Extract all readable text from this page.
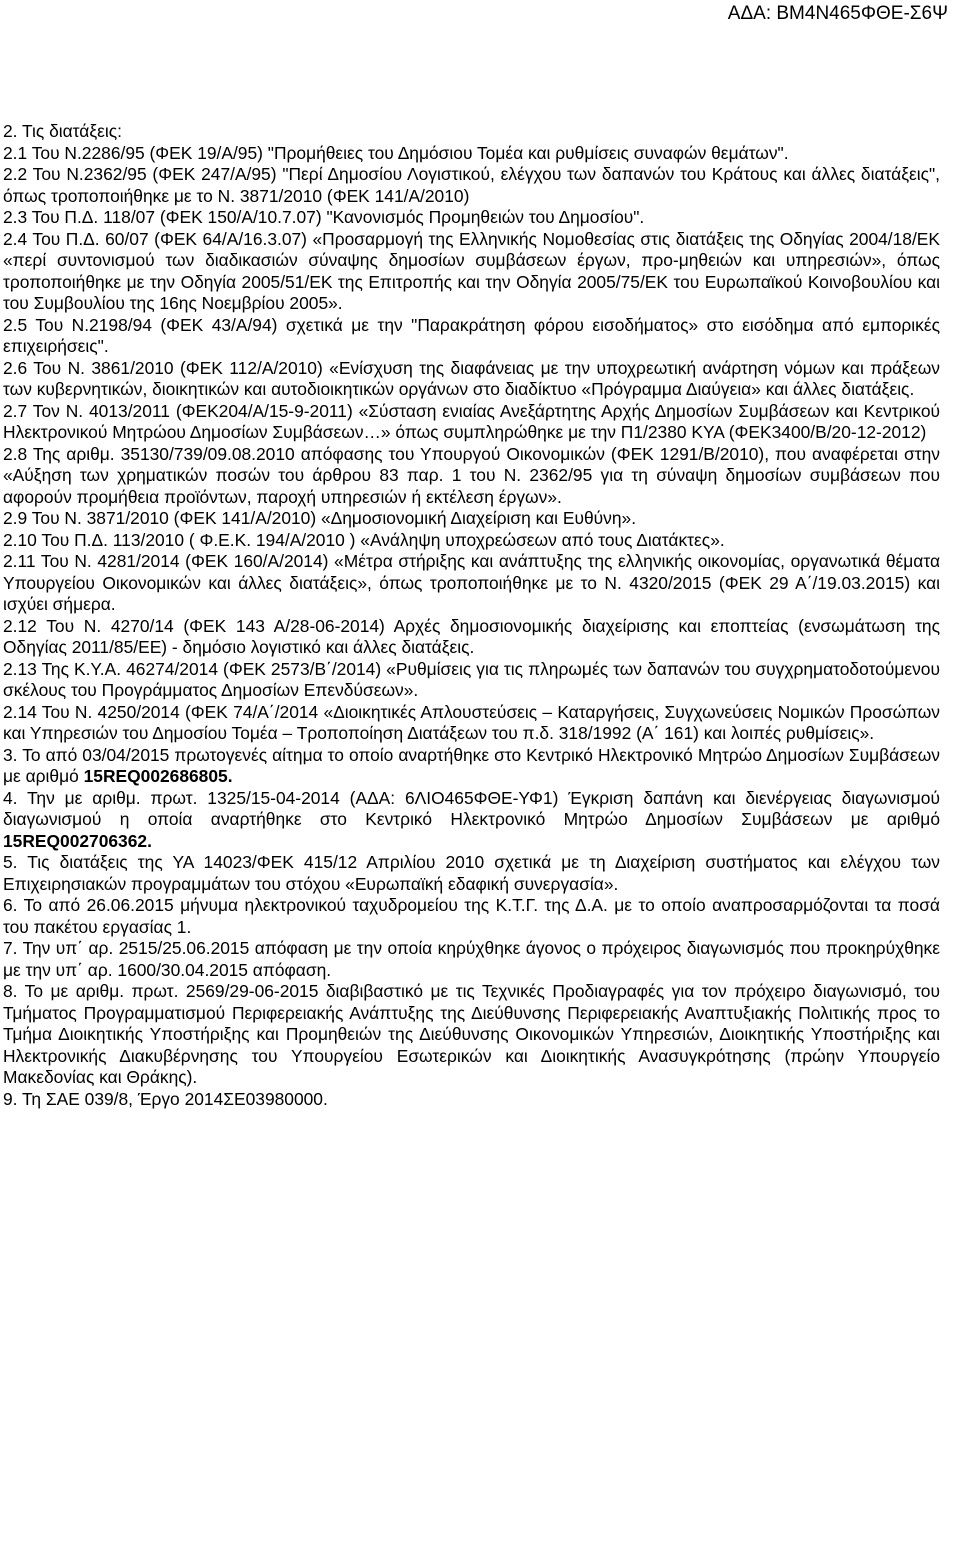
ΑΔΑ: ΒΜ4Ν465ΦΘΕ-Σ6Ψ

2. Τις διατάξεις:

2.1 Του Ν.2286/95 (ΦΕΚ 19/Α/95) "Προμήθειες του Δημόσιου Τομέα και ρυθμίσεις συναφών θεμάτων".

2.2 Του Ν.2362/95 (ΦΕΚ 247/Α/95) "Περί Δημοσίου Λογιστικού, ελέγχου των δαπανών του Κράτους και άλλες διατάξεις", όπως τροποποιήθηκε με το Ν. 3871/2010 (ΦΕΚ 141/Α/2010)

2.3 Του Π.Δ. 118/07 (ΦΕΚ 150/Α/10.7.07) "Κανονισμός Προμηθειών του Δημοσίου".

2.4 Του Π.Δ. 60/07 (ΦΕΚ 64/Α/16.3.07) «Προσαρμογή της Ελληνικής Νομοθεσίας στις διατάξεις της Οδηγίας 2004/18/ΕΚ «περί συντονισμού των διαδικασιών σύναψης δημοσίων συμβάσεων έργων, προ-μηθειών και υπηρεσιών», όπως τροποποιήθηκε με την Οδηγία 2005/51/ΕΚ της Επιτροπής και την Οδηγία 2005/75/ΕΚ του Ευρωπαϊκού Κοινοβουλίου και του Συμβουλίου της 16ης Νοεμβρίου 2005».

2.5 Του Ν.2198/94 (ΦΕΚ 43/Α/94) σχετικά με την "Παρακράτηση φόρου εισοδήματος» στο εισόδημα από εμπορικές επιχειρήσεις".

2.6 Του Ν. 3861/2010 (ΦΕΚ 112/Α/2010) «Ενίσχυση της διαφάνειας με την υποχρεωτική ανάρτηση νόμων και πράξεων των κυβερνητικών, διοικητικών και αυτοδιοικητικών οργάνων στο διαδίκτυο «Πρόγραμμα Διαύγεια» και άλλες διατάξεις.

2.7 Τον Ν. 4013/2011 (ΦΕΚ204/Α/15-9-2011) «Σύσταση ενιαίας Ανεξάρτητης Αρχής Δημοσίων Συμβάσεων και Κεντρικού Ηλεκτρονικού Μητρώου Δημοσίων Συμβάσεων…» όπως συμπληρώθηκε με την Π1/2380 ΚΥΑ (ΦΕΚ3400/Β/20-12-2012)

2.8 Της αριθμ. 35130/739/09.08.2010 απόφασης του Υπουργού Οικονομικών (ΦΕΚ 1291/Β/2010), που αναφέρεται στην «Αύξηση των χρηματικών ποσών του άρθρου 83 παρ. 1 του Ν. 2362/95 για τη σύναψη δημοσίων συμβάσεων που αφορούν προμήθεια προϊόντων, παροχή υπηρεσιών ή εκτέλεση έργων».

2.9 Του Ν. 3871/2010 (ΦΕΚ 141/Α/2010) «Δημοσιονομική Διαχείριση και Ευθύνη».

2.10 Του Π.Δ. 113/2010 ( Φ.Ε.Κ. 194/Α/2010 ) «Ανάληψη υποχρεώσεων από τους Διατάκτες».

2.11 Του Ν. 4281/2014 (ΦΕΚ 160/Α/2014) «Μέτρα στήριξης και ανάπτυξης της ελληνικής οικονομίας, οργανωτικά θέματα Υπουργείου Οικονομικών και άλλες διατάξεις», όπως τροποποιήθηκε με το Ν. 4320/2015 (ΦΕΚ 29 Α΄/19.03.2015) και ισχύει σήμερα.

2.12 Του Ν. 4270/14 (ΦΕΚ 143 Α/28-06-2014) Αρχές δημοσιονομικής διαχείρισης και εποπτείας (ενσωμάτωση της Οδηγίας 2011/85/ΕΕ) - δημόσιο λογιστικό και άλλες διατάξεις.

2.13 Της Κ.Υ.Α. 46274/2014 (ΦΕΚ 2573/Β΄/2014) «Ρυθμίσεις για τις πληρωμές των δαπανών του συγχρηματοδοτούμενου σκέλους του Προγράμματος Δημοσίων Επενδύσεων».

2.14 Του Ν. 4250/2014 (ΦΕΚ 74/Α΄/2014 «Διοικητικές Απλουστεύσεις – Καταργήσεις, Συγχωνεύσεις Νομικών Προσώπων και Υπηρεσιών του Δημοσίου Τομέα – Τροποποίηση Διατάξεων του π.δ. 318/1992 (Α΄ 161) και λοιπές ρυθμίσεις».

3. Το από 03/04/2015 πρωτογενές αίτημα το οποίο αναρτήθηκε στο Κεντρικό Ηλεκτρονικό Μητρώο Δημοσίων Συμβάσεων με αριθμό 15REQ002686805.

4. Την με αριθμ. πρωτ. 1325/15-04-2014 (ΑΔΑ: 6ΛΙΟ465ΦΘΕ-ΥΦ1) Έγκριση δαπάνη και διενέργειας διαγωνισμού διαγωνισμού η οποία αναρτήθηκε στο Κεντρικό Ηλεκτρονικό Μητρώο Δημοσίων Συμβάσεων με αριθμό 15REQ002706362.

5. Τις διατάξεις της ΥΑ 14023/ΦΕΚ 415/12 Απριλίου 2010 σχετικά με τη Διαχείριση συστήματος και ελέγχου των Επιχειρησιακών προγραμμάτων του στόχου «Ευρωπαϊκή εδαφική συνεργασία».

6. Το από 26.06.2015 μήνυμα ηλεκτρονικού ταχυδρομείου της Κ.Τ.Γ. της Δ.Α. με το οποίο αναπροσαρμόζονται τα ποσά του πακέτου εργασίας 1.

7. Την υπ΄ αρ. 2515/25.06.2015 απόφαση με την οποία κηρύχθηκε άγονος ο πρόχειρος διαγωνισμός που προκηρύχθηκε με την υπ΄ αρ. 1600/30.04.2015 απόφαση.

8. Το με αριθμ. πρωτ. 2569/29-06-2015 διαβιβαστικό με τις Τεχνικές Προδιαγραφές για τον πρόχειρο διαγωνισμό, του Τμήματος Προγραμματισμού Περιφερειακής Ανάπτυξης της Διεύθυνσης Περιφερειακής Αναπτυξιακής Πολιτικής προς το Τμήμα Διοικητικής Υποστήριξης και Προμηθειών της Διεύθυνσης Οικονομικών Υπηρεσιών, Διοικητικής Υποστήριξης και Ηλεκτρονικής Διακυβέρνησης του Υπουργείου Εσωτερικών και Διοικητικής Ανασυγκρότησης (πρώην Υπουργείο Μακεδονίας και Θράκης).

9. Τη ΣΑΕ 039/8, Έργο 2014ΣΕ03980000.
